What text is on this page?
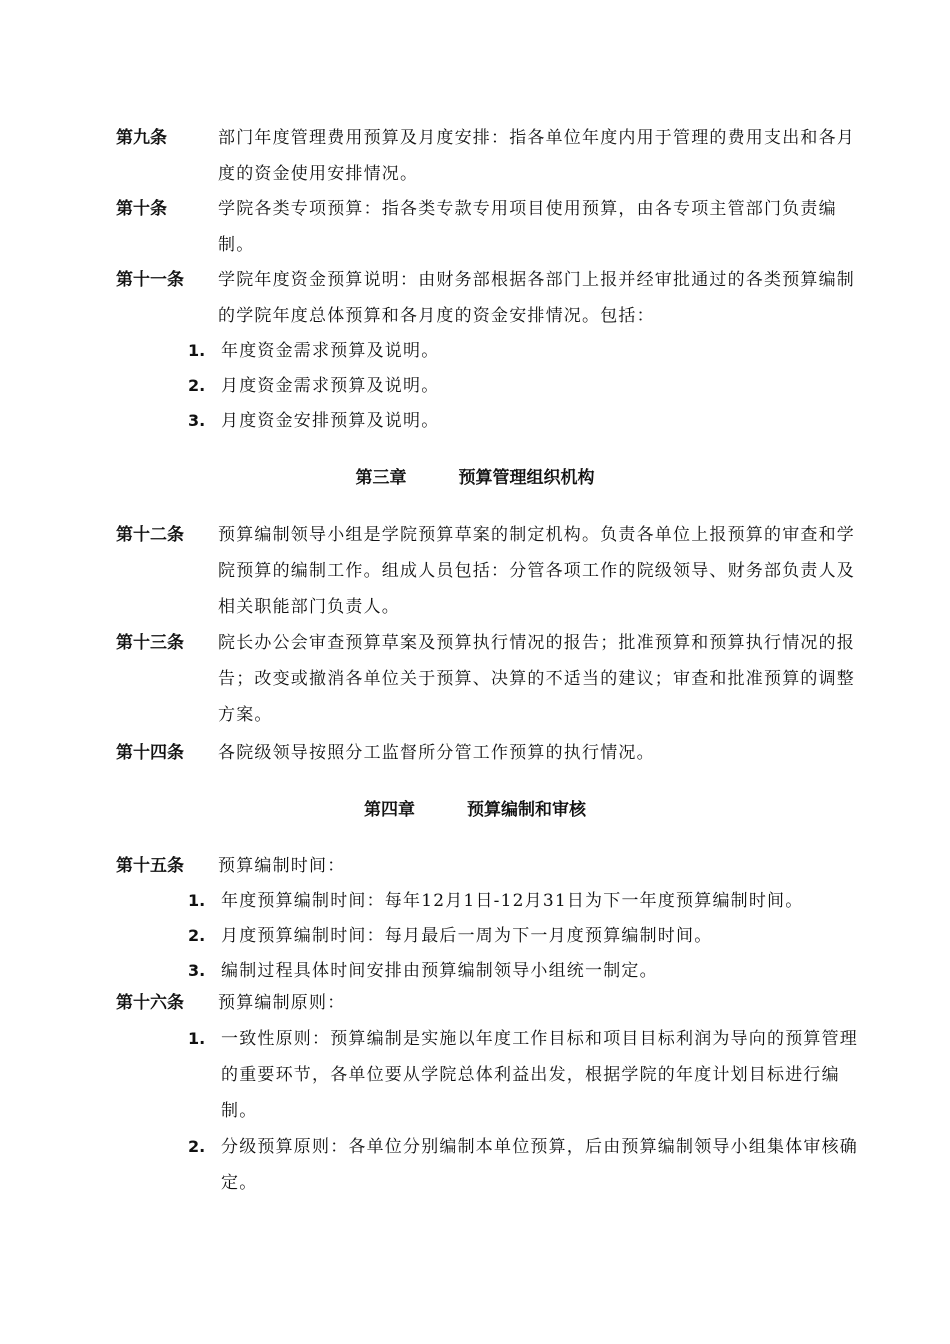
第九条	部门年度管理费用预算及月度安排：指各单位年度内用于管理的费用支出和各月度的资金使用安排情况。
第十条	学院各类专项预算：指各类专款专用项目使用预算，由各专项主管部门负责编制。
第十一条 学院年度资金预算说明：由财务部根据各部门上报并经审批通过的各类预算编制的学院年度总体预算和各月度的资金安排情况。包括：
1. 年度资金需求预算及说明。
2. 月度资金需求预算及说明。
3. 月度资金安排预算及说明。
第三章	预算管理组织机构
第十二条 预算编制领导小组是学院预算草案的制定机构。负责各单位上报预算的审查和学院预算的编制工作。组成人员包括：分管各项工作的院级领导、财务部负责人及相关职能部门负责人。
第十三条 院长办公会审查预算草案及预算执行情况的报告；批准预算和预算执行情况的报告；改变或撤消各单位关于预算、决算的不适当的建议；审查和批准预算的调整方案。
第十四条 各院级领导按照分工监督所分管工作预算的执行情况。
第四章	预算编制和审核
第十五条 预算编制时间：
1. 年度预算编制时间：每年12月1日-12月31日为下一年度预算编制时间。
2. 月度预算编制时间：每月最后一周为下一月度预算编制时间。
3. 编制过程具体时间安排由预算编制领导小组统一制定。
第十六条 预算编制原则：
1. 一致性原则：预算编制是实施以年度工作目标和项目目标利润为导向的预算管理的重要环节，各单位要从学院总体利益出发，根据学院的年度计划目标进行编制。
2. 分级预算原则：各单位分别编制本单位预算，后由预算编制领导小组集体审核确定。
